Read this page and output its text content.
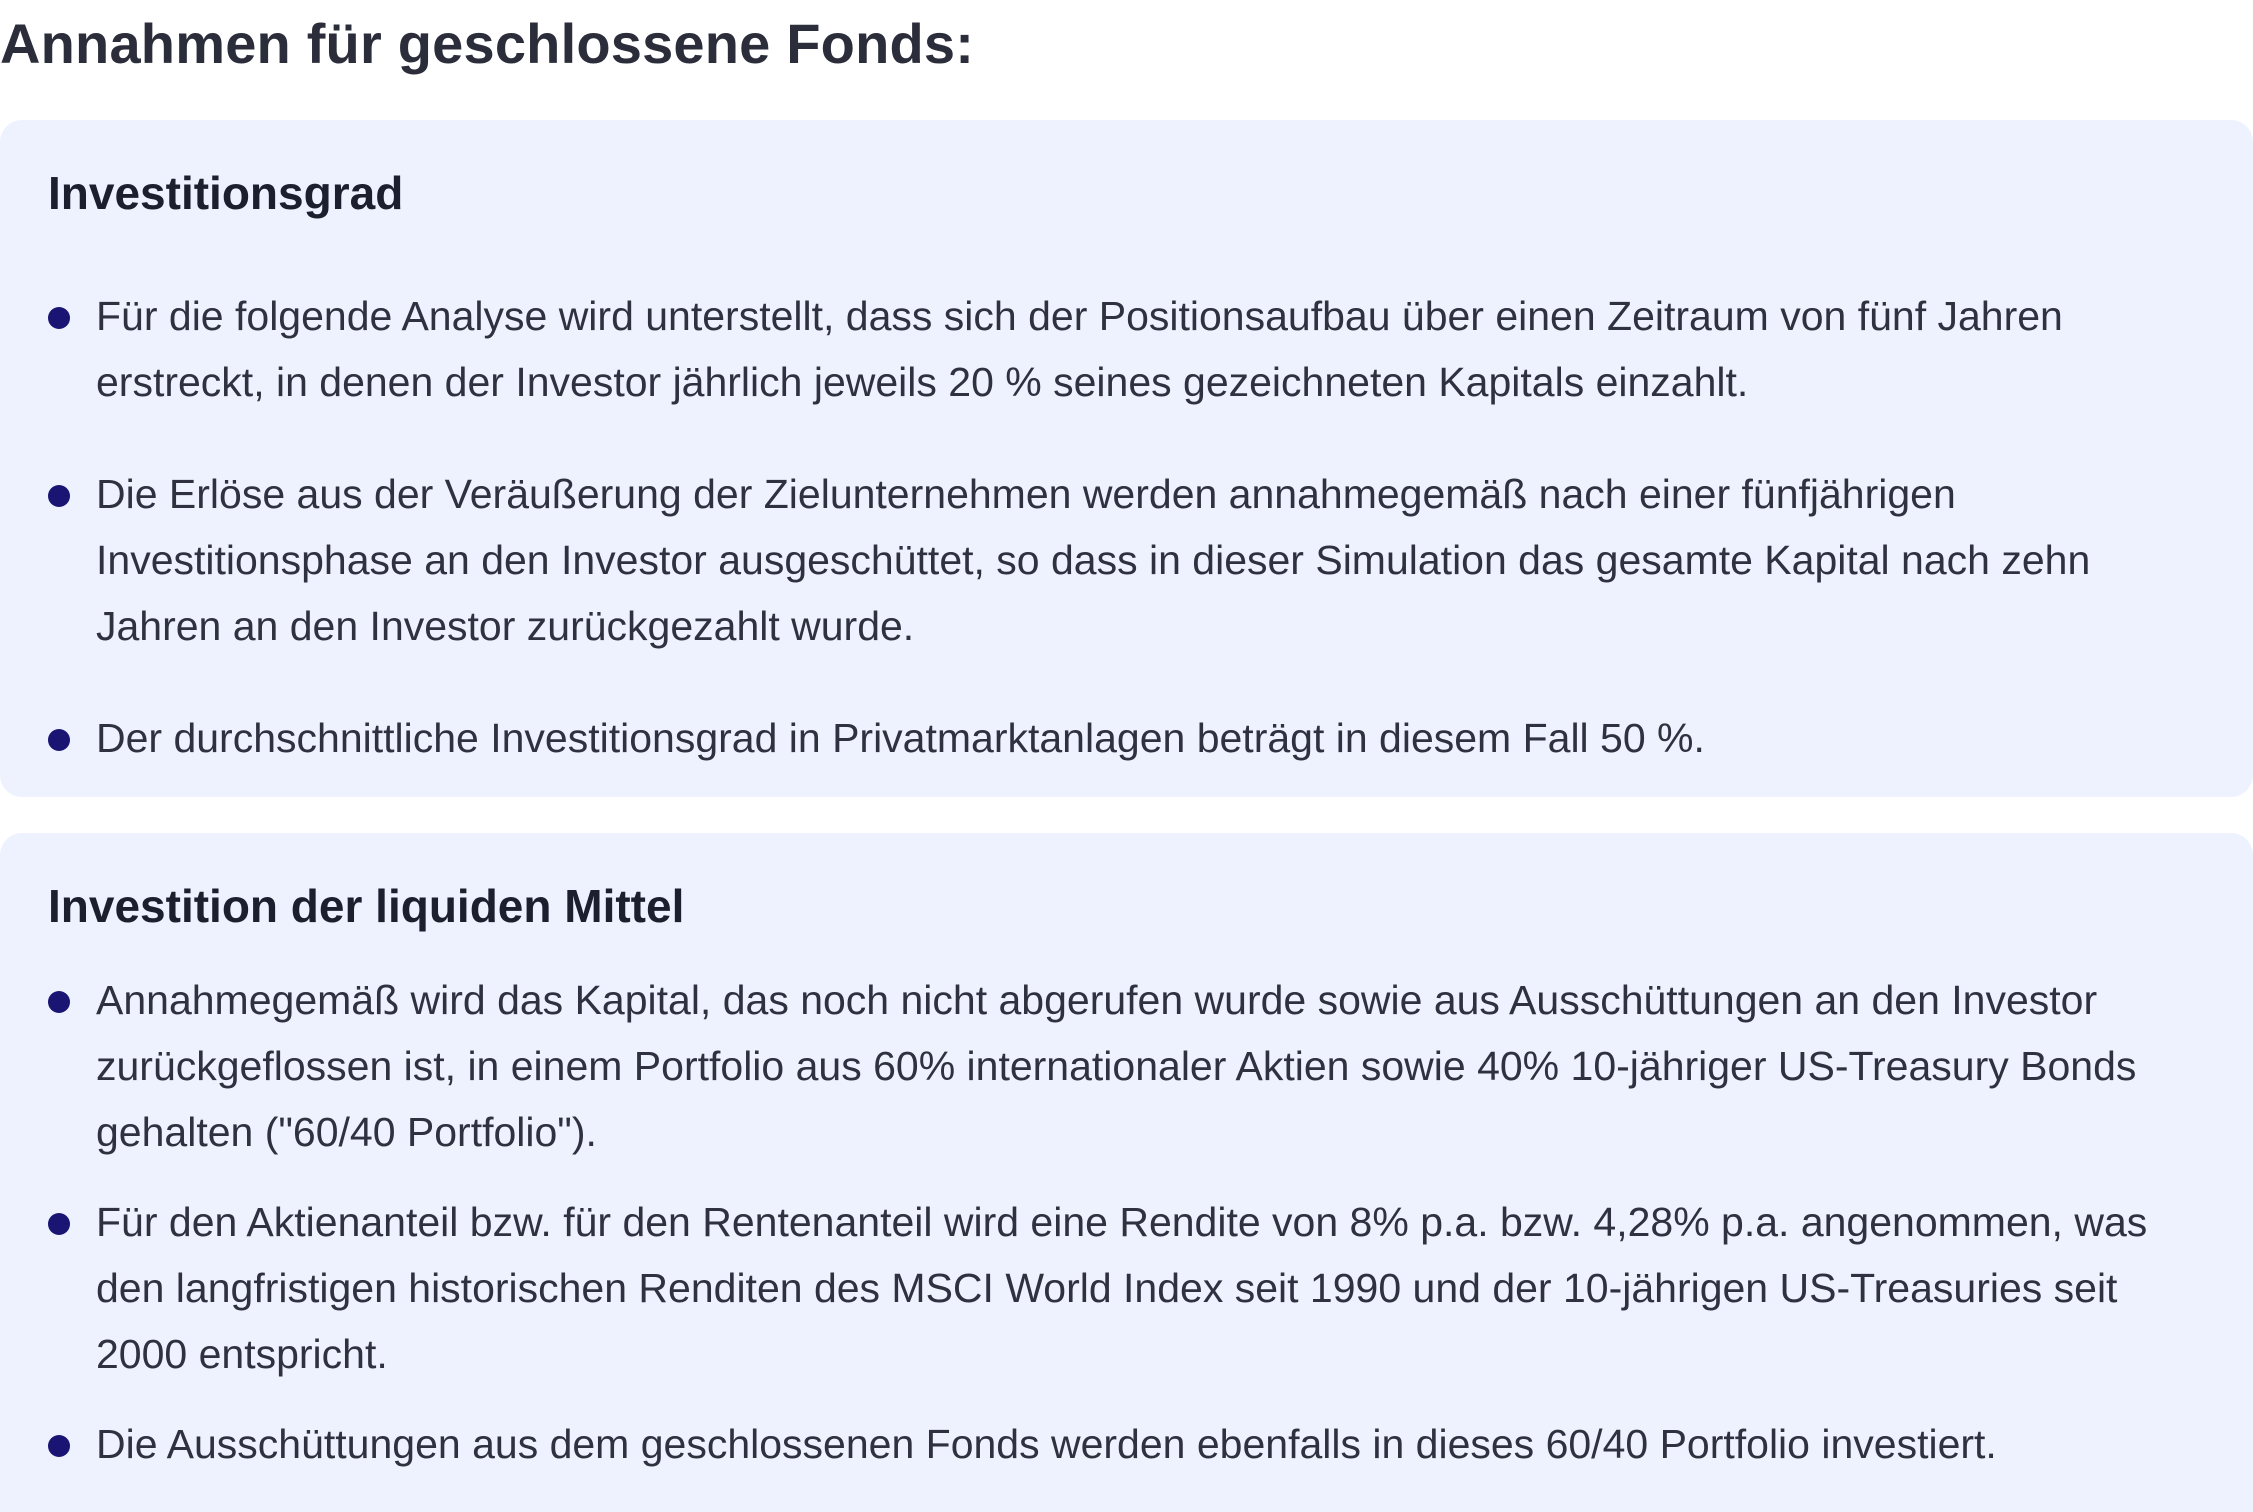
Annahmen für geschlossene Fonds:
Investitionsgrad
Für die folgende Analyse wird unterstellt, dass sich der Positionsaufbau über einen Zeitraum von fünf Jahren erstreckt, in denen der Investor jährlich jeweils 20 % seines gezeichneten Kapitals einzahlt.
Die Erlöse aus der Veräußerung der Zielunternehmen werden annahmegemäß nach einer fünfjährigen Investitionsphase an den Investor ausgeschüttet, so dass in dieser Simulation das gesamte Kapital nach zehn Jahren an den Investor zurückgezahlt wurde.
Der durchschnittliche Investitionsgrad in Privatmarktanlagen beträgt in diesem Fall 50 %.
Investition der liquiden Mittel
Annahmegemäß wird das Kapital, das noch nicht abgerufen wurde sowie aus Ausschüttungen an den Investor zurückgeflossen ist, in einem Portfolio aus 60% internationaler Aktien sowie 40% 10-jähriger US-Treasury Bonds gehalten ("60/40 Portfolio").
Für den Aktienanteil bzw. für den Rentenanteil wird eine Rendite von 8% p.a. bzw. 4,28% p.a. angenommen, was den langfristigen historischen Renditen des MSCI World Index seit 1990 und der 10-jährigen US-Treasuries seit 2000 entspricht.
Die Ausschüttungen aus dem geschlossenen Fonds werden ebenfalls in dieses 60/40 Portfolio investiert.
